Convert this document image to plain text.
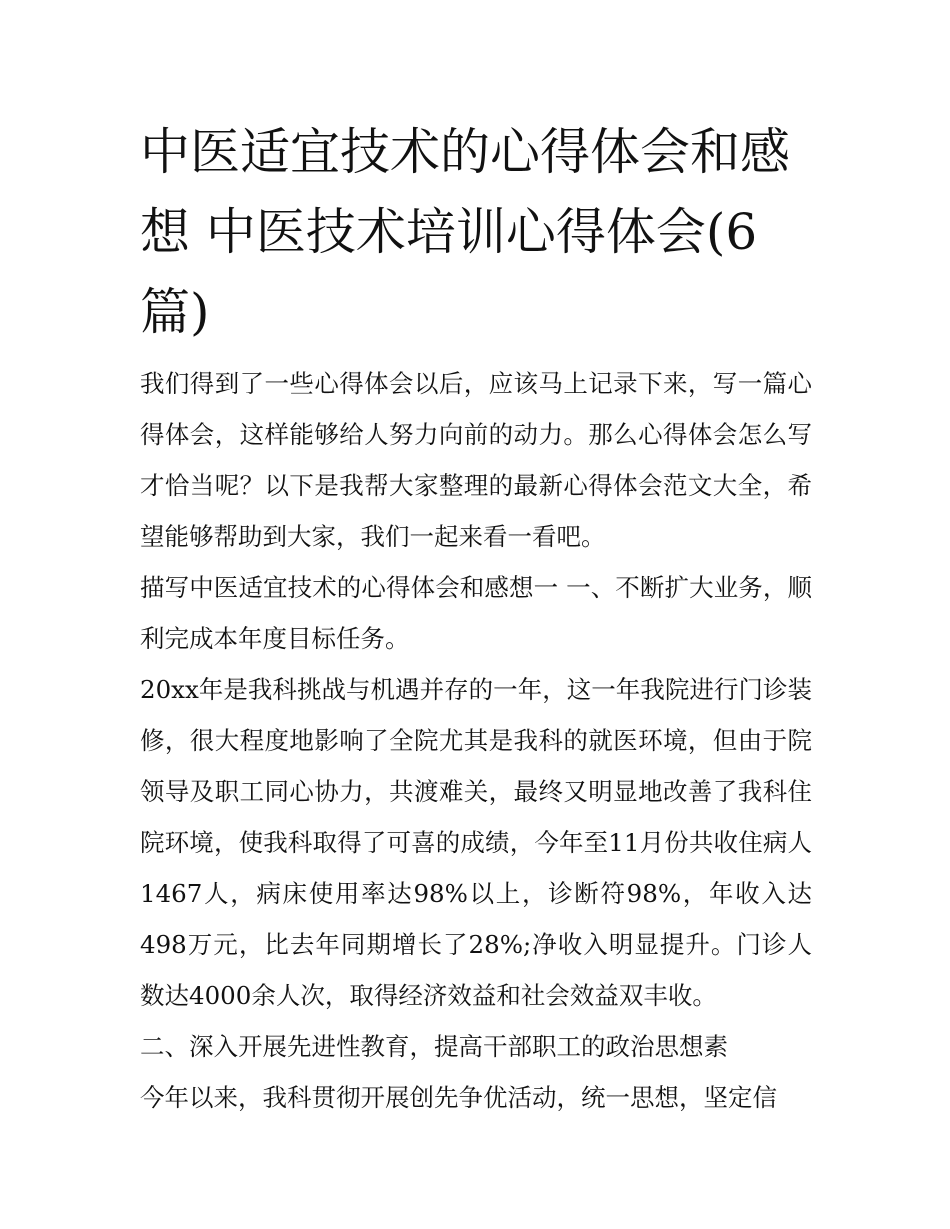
中医适宜技术的心得体会和感想 中医技术培训心得体会(6篇)

我们得到了一些心得体会以后，应该马上记录下来，写一篇心得体会，这样能够给人努力向前的动力。那么心得体会怎么写才恰当呢？以下是我帮大家整理的最新心得体会范文大全，希望能够帮助到大家，我们一起来看一看吧。

描写中医适宜技术的心得体会和感想一 一、不断扩大业务，顺利完成本年度目标任务。

20xx年是我科挑战与机遇并存的一年，这一年我院进行门诊装修，很大程度地影响了全院尤其是我科的就医环境，但由于院领导及职工同心协力，共渡难关，最终又明显地改善了我科住院环境，使我科取得了可喜的成绩，今年至11月份共收住病人1467人，病床使用率达98%以上，诊断符98%，年收入达498万元，比去年同期增长了28%;净收入明显提升。门诊人数达4000余人次，取得经济效益和社会效益双丰收。

二、深入开展先进性教育，提高干部职工的政治思想素

今年以来，我科贯彻开展创先争优活动，统一思想，坚定信
